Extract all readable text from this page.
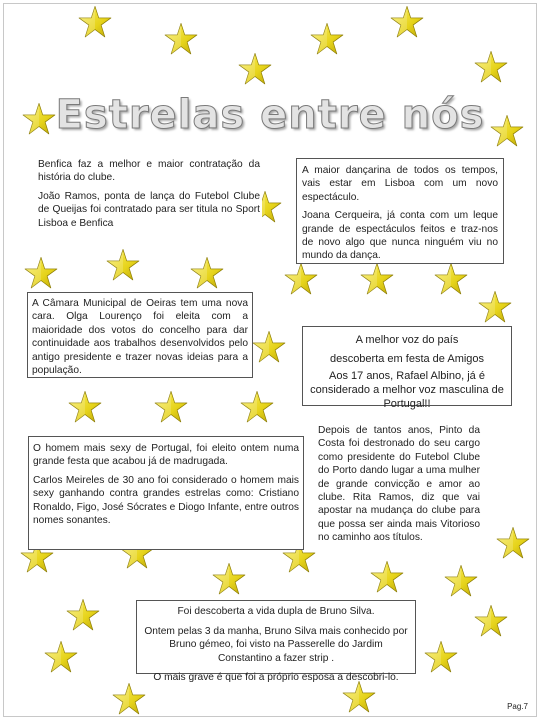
Estrelas entre nós

Benfica faz a melhor e maior contratação da história do clube.

João Ramos, ponta de lança do Futebol Clube de Queijas foi contratado para ser titula no Sport Lisboa e Benfica

A maior dançarina de todos os tempos, vais estar em Lisboa com um novo espectáculo.

Joana Cerqueira, já conta com um leque grande de espectáculos feitos e traz-nos de novo algo que nunca ninguém viu no mundo da dança.

A Câmara Municipal de Oeiras tem uma nova cara. Olga Lourenço foi eleita com a maioridade dos votos do concelho para dar continuidade aos trabalhos desenvolvidos pelo antigo presidente e trazer novas ideias para a população.

A melhor voz do país

descoberta em festa de Amigos

Aos 17 anos, Rafael Albino, já é considerado a melhor voz masculina de Portugal!!

O homem mais sexy de Portugal, foi eleito ontem numa grande festa que acabou já de madrugada.

Carlos Meireles de 30 ano foi considerado o homem mais sexy ganhando contra grandes estrelas como: Cristiano Ronaldo, Figo, José Sócrates e Diogo Infante, entre outros nomes sonantes.

Depois de tantos anos, Pinto da Costa foi destronado do seu cargo como presidente do Futebol Clube do Porto dando lugar a uma mulher de grande convicção e amor ao clube. Rita Ramos, diz que vai apostar na mudança do clube para que possa ser ainda mais Vitorioso no caminho aos títulos.

Foi descoberta a vida dupla de Bruno Silva.

Ontem pelas 3 da manha, Bruno Silva mais conhecido por Bruno gémeo, foi visto na Passerelle do Jardim Constantino a fazer strip .

O mais grave é que foi a próprio esposa a descobri-lo.

Pag.7
